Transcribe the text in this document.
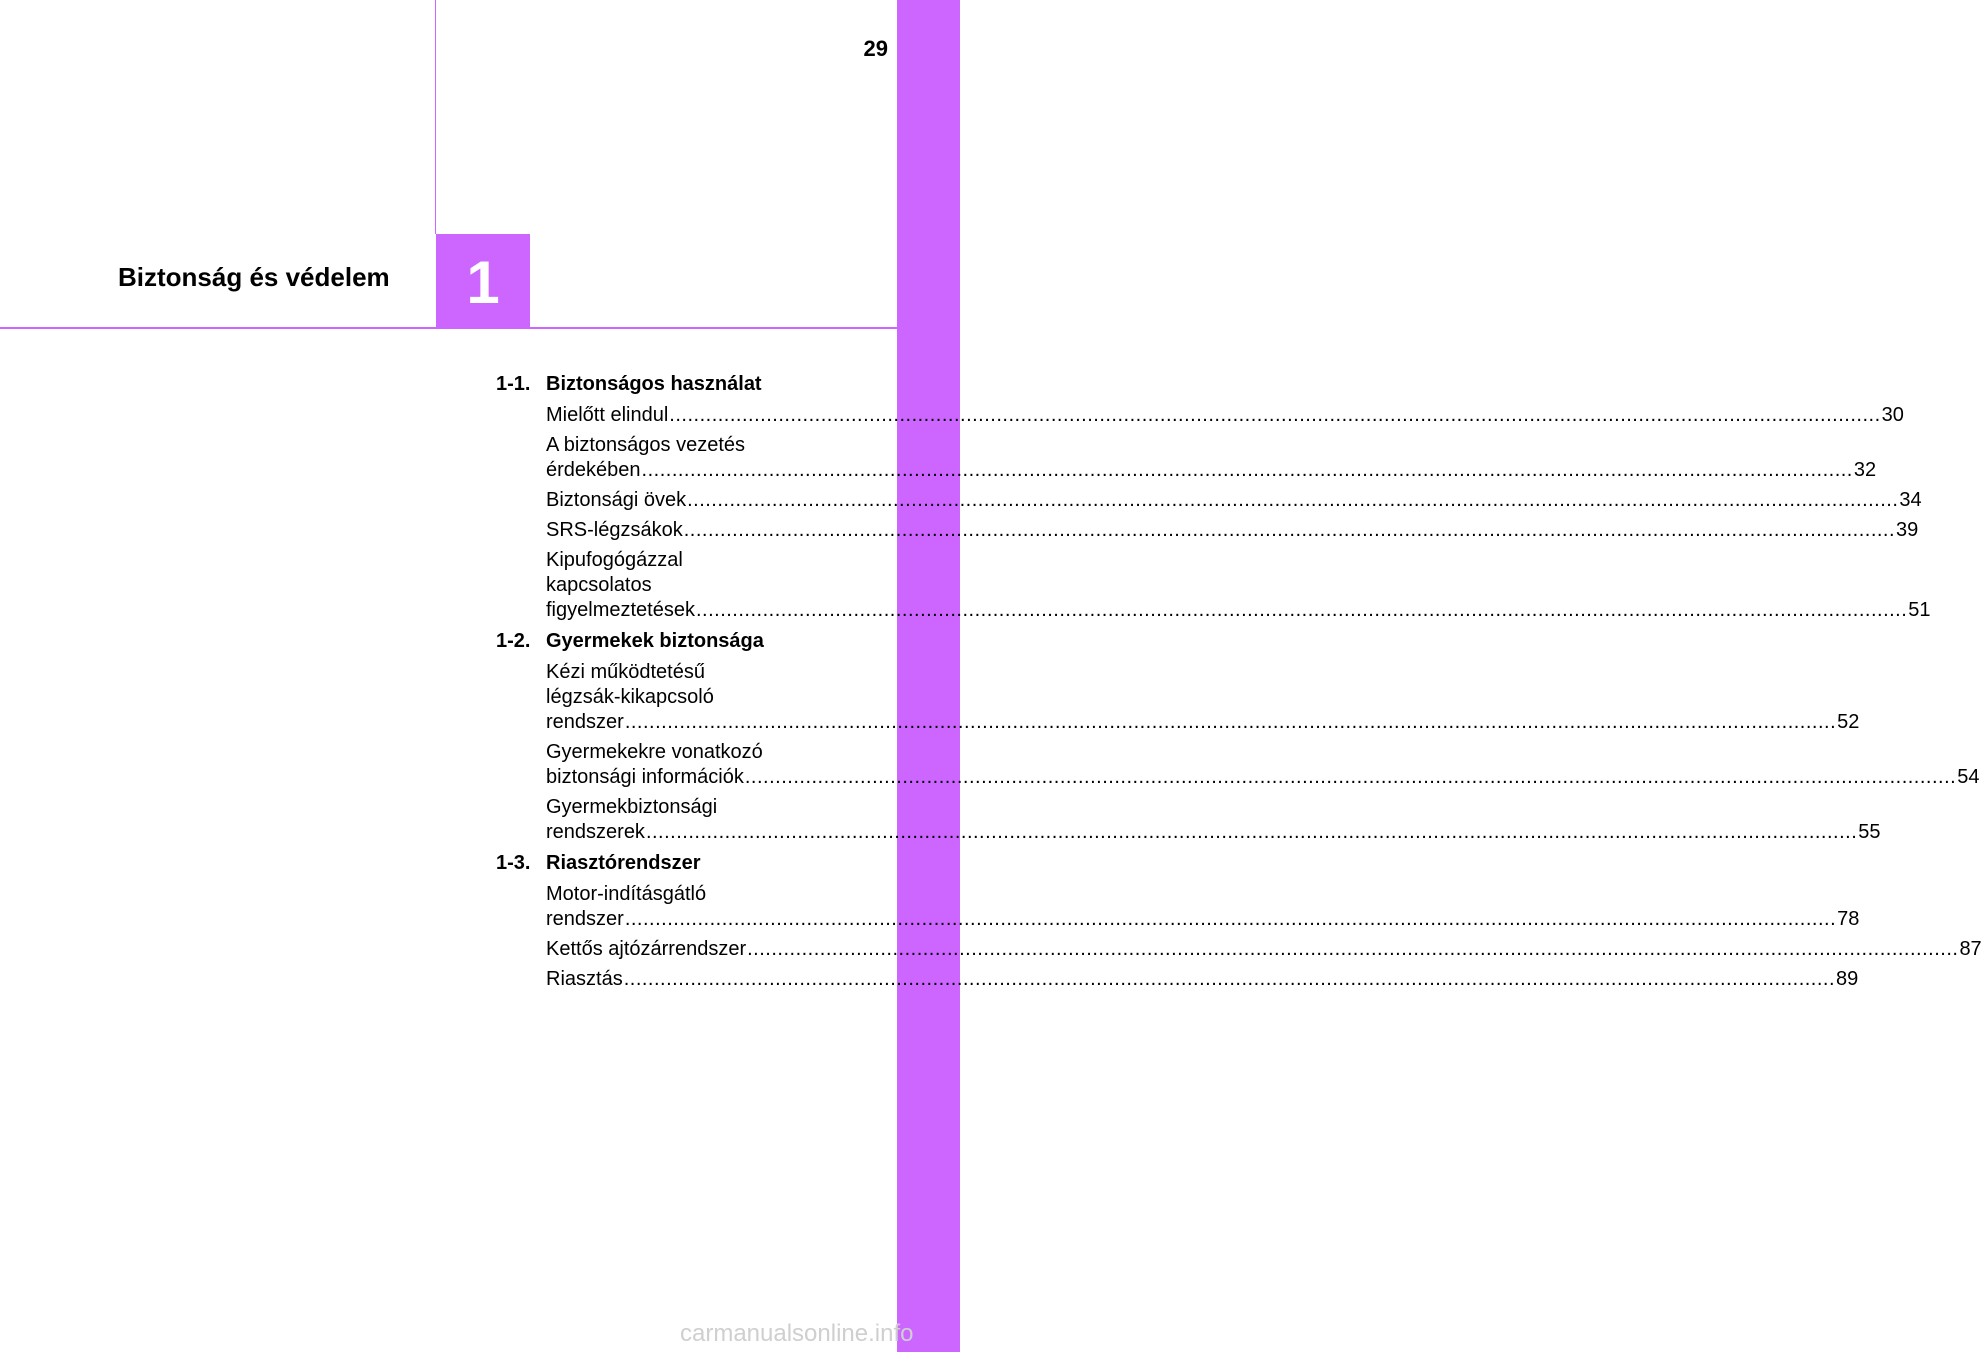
29
1
Biztonság és védelem
1-1. Biztonságos használat
Mielőtt elindul ........................................................................................................................................................................................................ 30
A biztonságos vezetés
érdekében ........................................................................................................................................................................................................ 32
Biztonsági övek ........................................................................................................................................................................................................ 34
SRS-légzsákok ........................................................................................................................................................................................................ 39
Kipufogógázzal
kapcsolatos
figyelmeztetések ........................................................................................................................................................................................................ 51
1-2. Gyermekek biztonsága
Kézi működtetésű
légzsák-kikapcsoló
rendszer ........................................................................................................................................................................................................ 52
Gyermekekre vonatkozó
biztonsági információk ........................................................................................................................................................................................................ 54
Gyermekbiztonsági
rendszerek ........................................................................................................................................................................................................ 55
1-3. Riasztórendszer
Motor-indításgátló
rendszer ........................................................................................................................................................................................................ 78
Kettős ajtózárrendszer ........................................................................................................................................................................................................ 87
Riasztás ........................................................................................................................................................................................................ 89
carmanualsonline.info
